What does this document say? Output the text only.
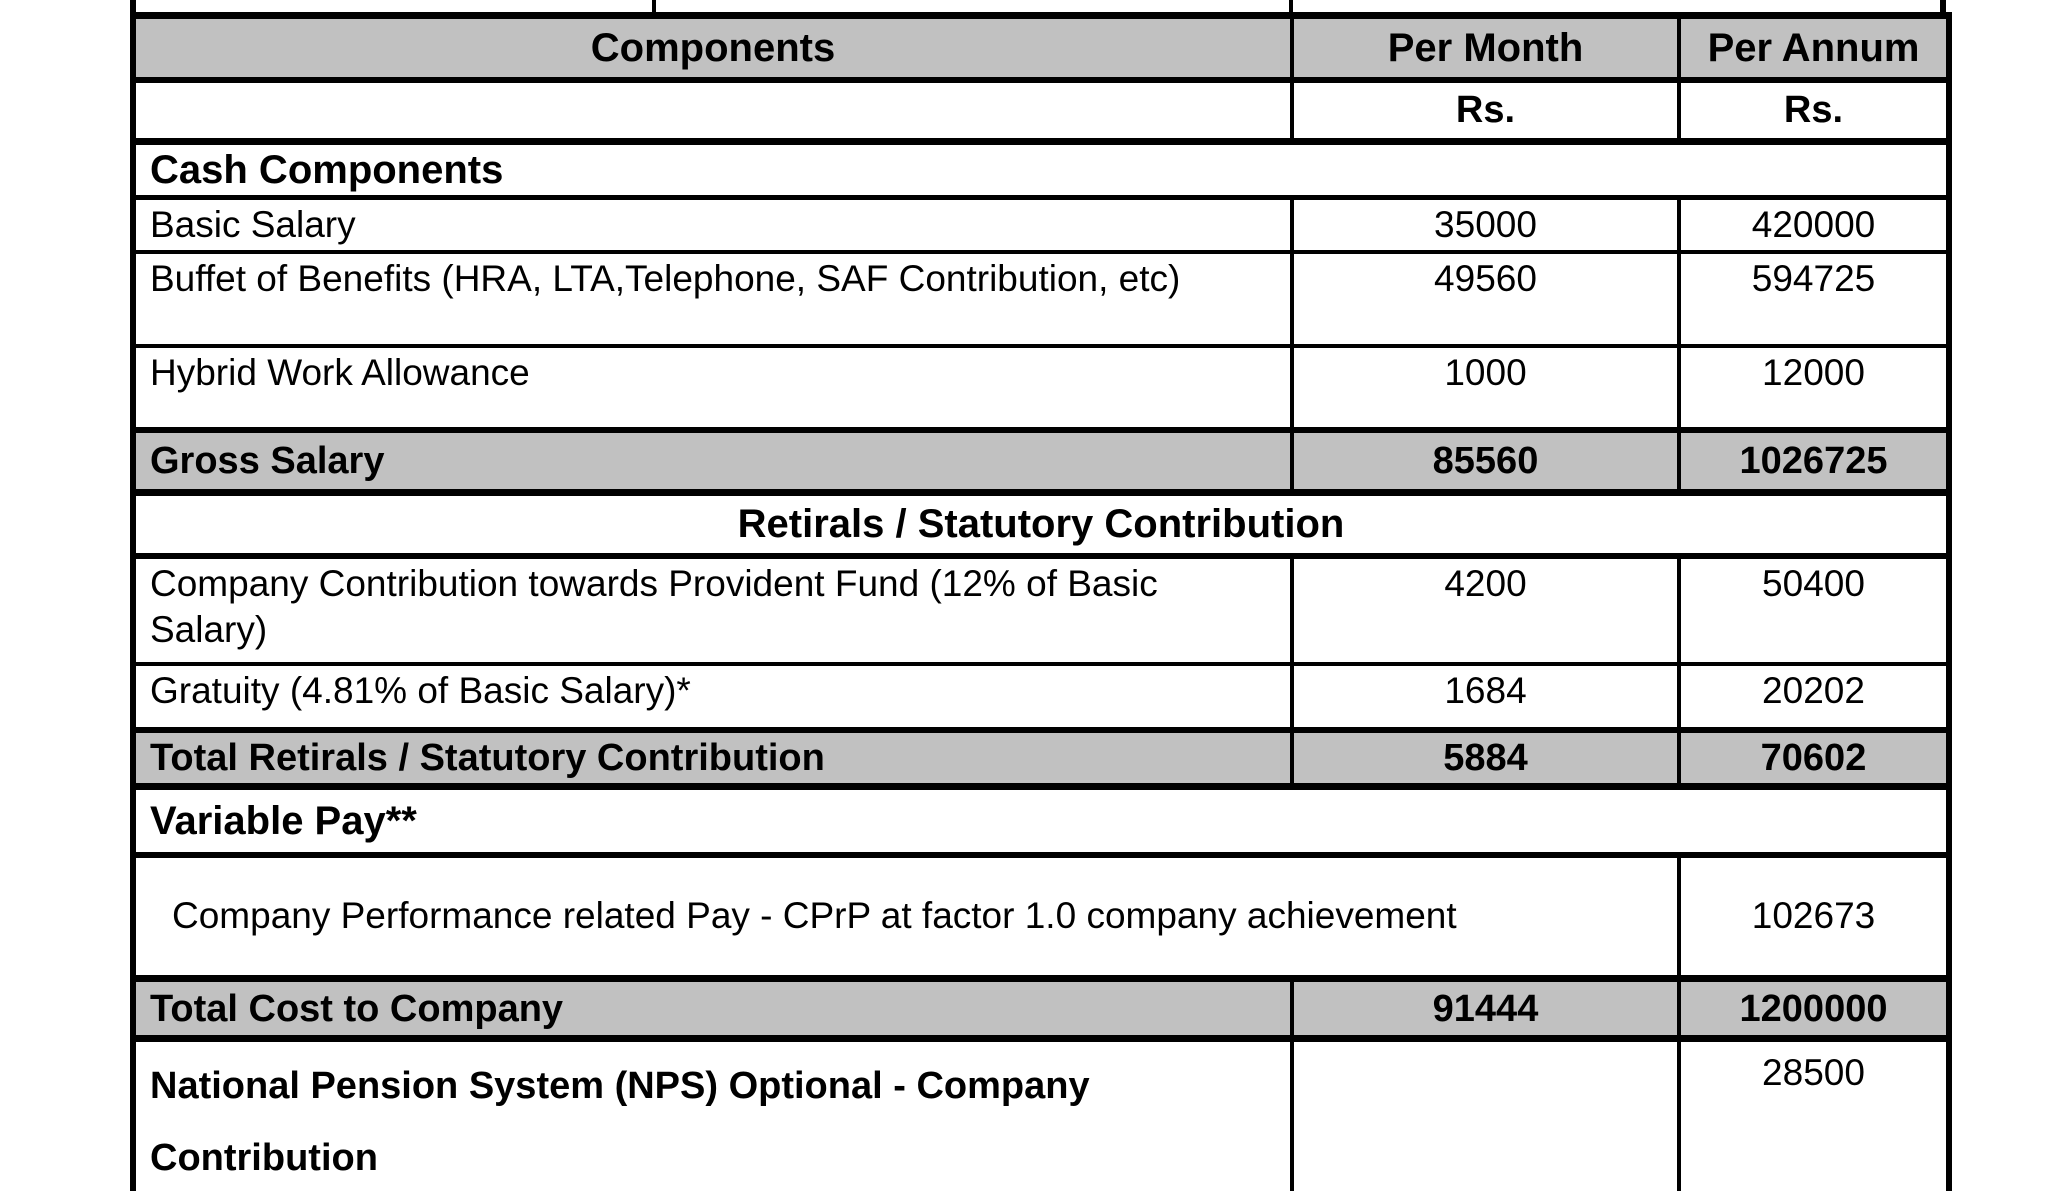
Components	Per Month	Per Annum
	Rs.	Rs.
Cash Components		
Basic Salary	35000	420000
Buffet of Benefits (HRA, LTA,Telephone, SAF Contribution, etc)	49560	594725
Hybrid Work Allowance	1000	12000
Gross Salary	85560	1026725
Retirals / Statutory Contribution		
Company Contribution towards Provident Fund (12% of Basic Salary)	4200	50400
Gratuity (4.81% of Basic Salary)*	1684	20202
Total Retirals / Statutory Contribution	5884	70602
Variable Pay**		
Company Performance related Pay - CPrP at factor 1.0 company achievement		102673
Total Cost to Company	91444	1200000
National Pension System (NPS) Optional - Company Contribution		28500
